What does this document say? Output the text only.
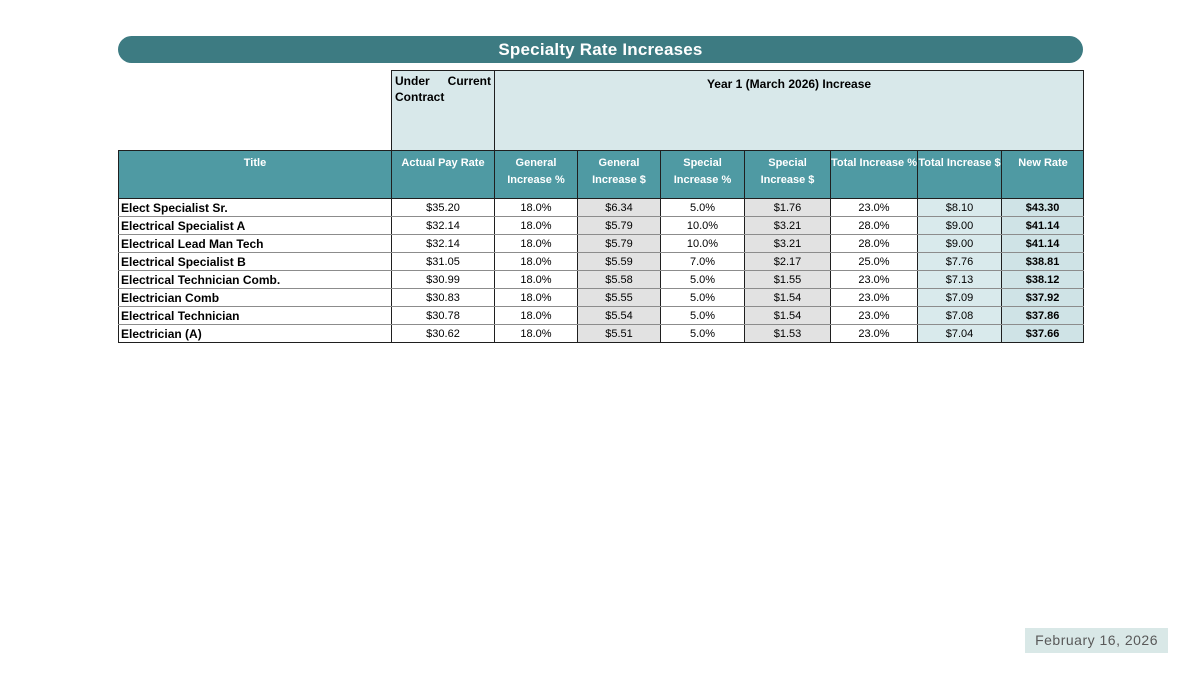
Specialty Rate Increases
	Under Current Contract	Year 1 (March 2026) Increase						
Title	Actual Pay Rate	General Increase %	General Increase $	Special Increase %	Special Increase $	Total Increase %	Total Increase $	New Rate
Elect Specialist Sr.	$35.20	18.0%	$6.34	5.0%	$1.76	23.0%	$8.10	$43.30
Electrical Specialist A	$32.14	18.0%	$5.79	10.0%	$3.21	28.0%	$9.00	$41.14
Electrical Lead Man Tech	$32.14	18.0%	$5.79	10.0%	$3.21	28.0%	$9.00	$41.14
Electrical Specialist B	$31.05	18.0%	$5.59	7.0%	$2.17	25.0%	$7.76	$38.81
Electrical Technician Comb.	$30.99	18.0%	$5.58	5.0%	$1.55	23.0%	$7.13	$38.12
Electrician Comb	$30.83	18.0%	$5.55	5.0%	$1.54	23.0%	$7.09	$37.92
Electrical Technician	$30.78	18.0%	$5.54	5.0%	$1.54	23.0%	$7.08	$37.86
Electrician (A)	$30.62	18.0%	$5.51	5.0%	$1.53	23.0%	$7.04	$37.66
February 16, 2026
